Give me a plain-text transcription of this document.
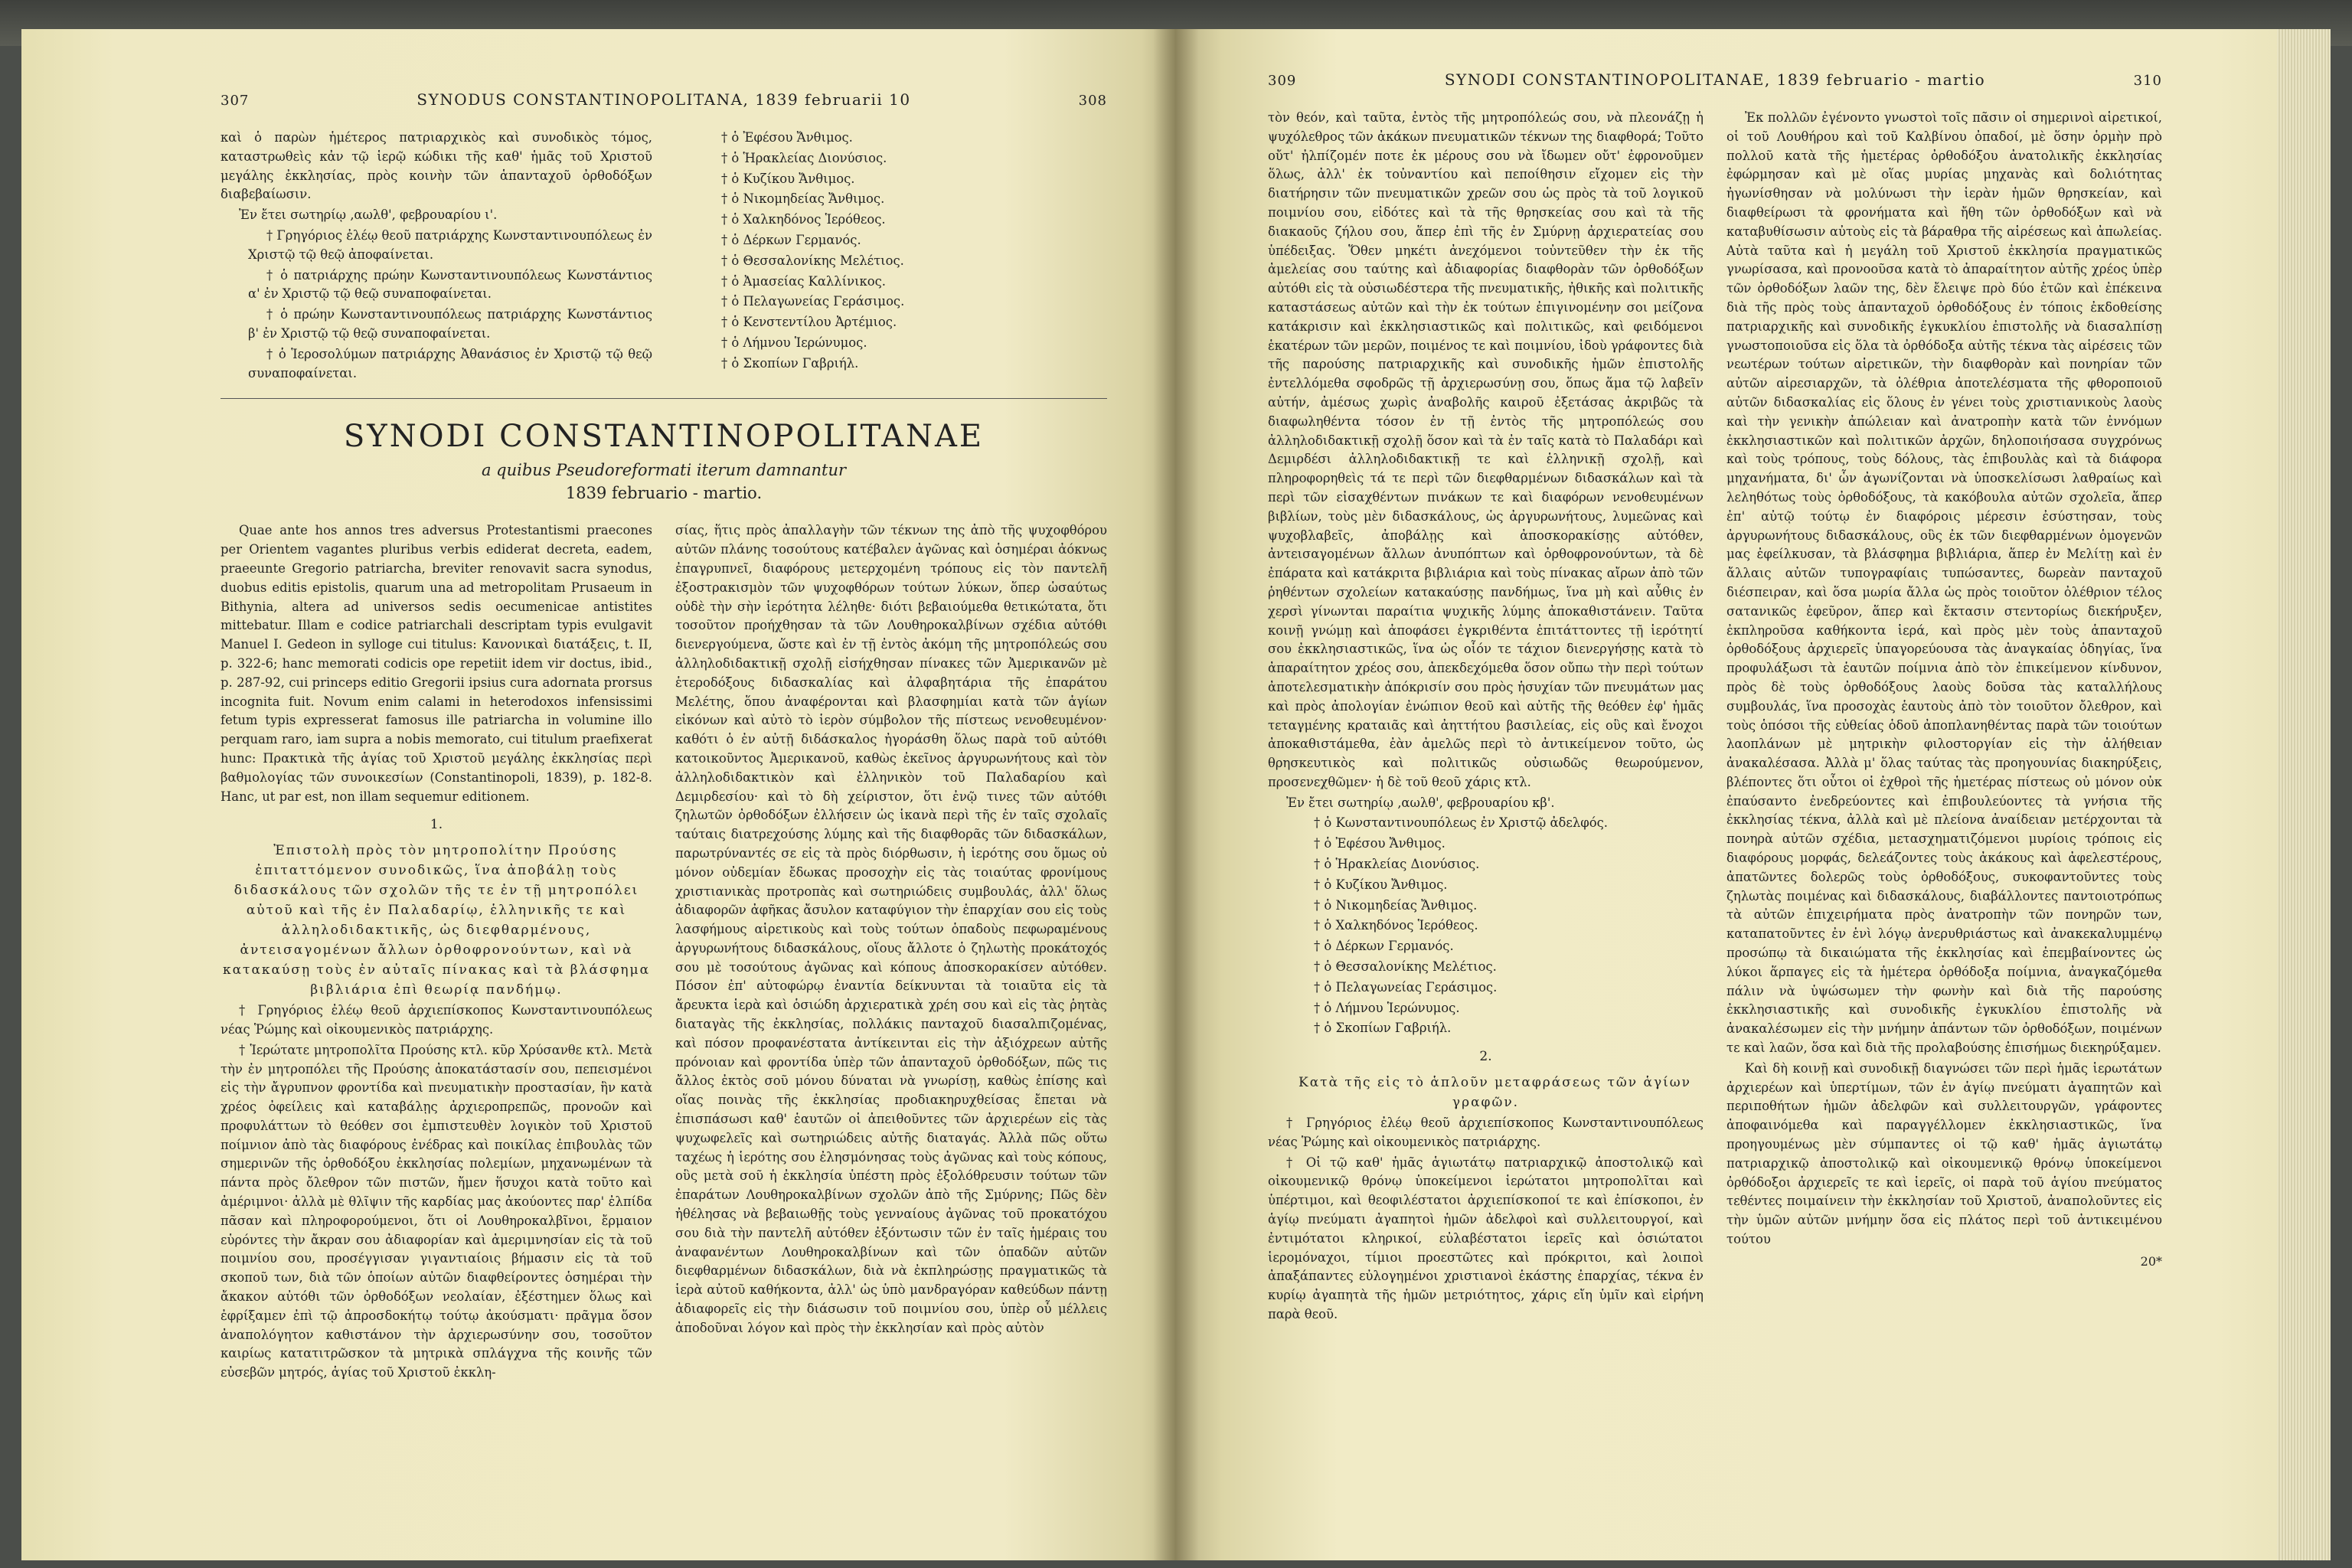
307	SYNODUS CONSTANTINOPOLITANA, 1839 februarii 10	308

καὶ ὁ παρὼν ἡμέτερος πατριαρχικὸς καὶ συνοδικὸς τόμος, καταστρωθεὶς κἀν τῷ ἱερῷ κώδικι τῆς καθ' ἡμᾶς τοῦ Χριστοῦ μεγάλης ἐκκλησίας, πρὸς κοινὴν τῶν ἁπανταχοῦ ὀρθοδόξων διαβεβαίωσιν.

Ἐν ἔτει σωτηρίῳ ‚αωλθ', φεβρουαρίου ι'.

† Γρηγόριος ἐλέῳ θεοῦ πατριάρχης Κωνσταντινουπόλεως ἐν Χριστῷ τῷ θεῷ ἀποφαίνεται.

† ὁ πατριάρχης πρώην Κωνσταντινουπόλεως Κωνστάντιος α' ἐν Χριστῷ τῷ θεῷ συναποφαίνεται.

† ὁ πρώην Κωνσταντινουπόλεως πατριάρχης Κωνστάντιος β' ἐν Χριστῷ τῷ θεῷ συναποφαίνεται.

† ὁ Ἱεροσολύμων πατριάρχης Ἀθανάσιος ἐν Χριστῷ τῷ θεῷ συναποφαίνεται.

† ὁ Ἐφέσου Ἄνθιμος.

† ὁ Ἡρακλείας Διονύσιος.

† ὁ Κυζίκου Ἄνθιμος.

† ὁ Νικομηδείας Ἄνθιμος.

† ὁ Χαλκηδόνος Ἱερόθεος.

† ὁ Δέρκων Γερμανός.

† ὁ Θεσσαλονίκης Μελέτιος.

† ὁ Ἀμασείας Καλλίνικος.

† ὁ Πελαγωνείας Γεράσιμος.

† ὁ Κενστεντίλου Ἀρτέμιος.

† ὁ Λήμνου Ἱερώνυμος.

† ὁ Σκοπίων Γαβριήλ.

SYNODI CONSTANTINOPOLITANAE

a quibus Pseudoreformati iterum damnantur

1839 februario - martio.

Quae ante hos annos tres adversus Protestantismi praecones per Orientem vagantes pluribus verbis ediderat decreta, eadem, praeeunte Gregorio patriarcha, breviter renovavit sacra synodus, duobus editis epistolis, quarum una ad metropolitam Prusaeum in Bithynia, altera ad universos sedis oecumenicae antistites mittebatur. Illam e codice patriarchali descriptam typis evulgavit Manuel I. Gedeon in sylloge cui titulus: Κανονικαὶ διατάξεις, t. II, p. 322-6; hanc memorati codicis ope repetiit idem vir doctus, ibid., p. 287-92, cui princeps editio Gregorii ipsius cura adornata prorsus incognita fuit. Novum enim calami in heterodoxos infensissimi fetum typis expresserat famosus ille patriarcha in volumine illo perquam raro, iam supra a nobis memorato, cui titulum praefixerat hunc: Πρακτικὰ τῆς ἁγίας τοῦ Χριστοῦ μεγάλης ἐκκλησίας περὶ βαθμολογίας τῶν συνοικεσίων (Constantinopoli, 1839), p. 182-8. Hanc, ut par est, non illam sequemur editionem.

1.

Ἐπιστολὴ πρὸς τὸν μητροπολίτην Προύσης ἐπιταττόμενον συνοδικῶς, ἵνα ἀποβάλῃ τοὺς διδασκάλους τῶν σχολῶν τῆς τε ἐν τῇ μητροπόλει αὐτοῦ καὶ τῆς ἐν Παλαδαρίῳ, ἑλληνικῆς τε καὶ ἀλληλοδιδακτικῆς, ὡς διεφθαρμένους, ἀντεισαγομένων ἄλλων ὀρθοφρονούντων, καὶ νὰ κατακαύσῃ τοὺς ἐν αὐταῖς πίνακας καὶ τὰ βλάσφημα βιβλιάρια ἐπὶ θεωρίᾳ πανδήμῳ.

† Γρηγόριος ἐλέῳ θεοῦ ἀρχιεπίσκοπος Κωνσταντινουπόλεως νέας Ῥώμης καὶ οἰκουμενικὸς πατριάρχης.

† Ἱερώτατε μητροπολῖτα Προύσης κτλ. κῦρ Χρύσανθε κτλ. Μετὰ τὴν ἐν μητροπόλει τῆς Προύσης ἀποκατάστασίν σου, πεπεισμένοι εἰς τὴν ἄγρυπνον φροντίδα καὶ πνευματικὴν προστασίαν, ἣν κατὰ χρέος ὀφείλεις καὶ καταβάλῃς ἀρχιεροπρεπῶς, προνοῶν καὶ προφυλάττων τὸ θεόθεν σοι ἐμπιστευθὲν λογικὸν τοῦ Χριστοῦ ποίμνιον ἀπὸ τὰς διαφόρους ἐνέδρας καὶ ποικίλας ἐπιβουλὰς τῶν σημερινῶν τῆς ὀρθοδόξου ἐκκλησίας πολεμίων, μηχανωμένων τὰ πάντα πρὸς ὄλεθρον τῶν πιστῶν, ἤμεν ἥσυχοι κατὰ τοῦτο καὶ ἀμέριμνοι· ἀλλὰ μὲ θλῖψιν τῆς καρδίας μας ἀκούοντες παρ' ἐλπίδα πᾶσαν καὶ πληροφορούμενοι, ὅτι οἱ Λουθηροκαλβῖνοι, ἔρμαιον εὑρόντες τὴν ἄκραν σου ἀδιαφορίαν καὶ ἀμεριμνησίαν εἰς τὰ τοῦ ποιμνίου σου, προσέγγισαν γιγαντιαίοις βήμασιν εἰς τὰ τοῦ σκοποῦ των, διὰ τῶν ὁποίων αὐτῶν διαφθείροντες ὁσημέραι τὴν ἄκακον αὐτόθι τῶν ὀρθοδόξων νεολαίαν, ἐξέστημεν ὅλως καὶ ἐφρίξαμεν ἐπὶ τῷ ἀπροσδοκήτῳ τούτῳ ἀκούσματι· πρᾶγμα ὅσον ἀναπολόγητον καθιστάνον τὴν ἀρχιερωσύνην σου, τοσοῦτον καιρίως κατατιτρῶσκον τὰ μητρικὰ σπλάγχνα τῆς κοινῆς τῶν εὐσεβῶν μητρός, ἁγίας τοῦ Χριστοῦ ἐκκλη-

σίας, ἥτις πρὸς ἀπαλλαγὴν τῶν τέκνων της ἀπὸ τῆς ψυχοφθόρου αὐτῶν πλάνης τοσούτους κατέβαλεν ἀγῶνας καὶ ὁσημέραι ἀόκνως ἐπαγρυπνεῖ, διαφόρους μετερχομένη τρόπους εἰς τὸν παντελῆ ἐξοστρακισμὸν τῶν ψυχοφθόρων τούτων λύκων, ὅπερ ὡσαύτως οὐδὲ τὴν σὴν ἱερότητα λέληθε· διότι βεβαιούμεθα θετικώτατα, ὅτι τοσοῦτον προήχθησαν τὰ τῶν Λουθηροκαλβίνων σχέδια αὐτόθι διενεργούμενα, ὥστε καὶ ἐν τῇ ἐντὸς ἀκόμη τῆς μητροπόλεώς σου ἀλληλοδιδακτικῇ σχολῇ εἰσήχθησαν πίνακες τῶν Ἀμερικανῶν μὲ ἑτεροδόξους διδασκαλίας καὶ ἀλφαβητάρια τῆς ἐπαράτου Μελέτης, ὅπου ἀναφέρονται καὶ βλασφημίαι κατὰ τῶν ἁγίων εἰκόνων καὶ αὐτὸ τὸ ἱερὸν σύμβολον τῆς πίστεως νενοθευμένον· καθότι ὁ ἐν αὐτῇ διδάσκαλος ἠγοράσθη ὅλως παρὰ τοῦ αὐτόθι κατοικοῦντος Ἀμερικανοῦ, καθὼς ἐκεῖνος ἀργυρωνήτους καὶ τὸν ἀλληλοδιδακτικὸν καὶ ἑλληνικὸν τοῦ Παλαδαρίου καὶ Δεμιρδεσίου· καὶ τὸ δὴ χείριστον, ὅτι ἐνῷ τινες τῶν αὐτόθι ζηλωτῶν ὀρθοδόξων ἐλλήσειν ὡς ἱκανὰ περὶ τῆς ἐν ταῖς σχολαῖς ταύταις διατρεχούσης λύμης καὶ τῆς διαφθορᾶς τῶν διδασκάλων, παρωτρύναντές σε εἰς τὰ πρὸς διόρθωσιν, ἡ ἱερότης σου ὅμως οὐ μόνον οὐδεμίαν ἔδωκας προσοχὴν εἰς τὰς τοιαύτας φρονίμους χριστιανικὰς προτροπὰς καὶ σωτηριώδεις συμβουλάς, ἀλλ' ὅλως ἀδιαφορῶν ἀφῆκας ἄσυλον καταφύγιον τὴν ἐπαρχίαν σου εἰς τοὺς λασφήμους αἱρετικοὺς καὶ τοὺς τούτων ὁπαδοὺς πεφωραμένους ἀργυρωνήτους διδασκάλους, οἵους ἄλλοτε ὁ ζηλωτὴς προκάτοχός σου μὲ τοσούτους ἀγῶνας καὶ κόπους ἀποσκορακίσεν αὐτόθεν. Πόσον ἐπ' αὐτοφώρῳ ἐναντία δείκνυνται τὰ τοιαῦτα εἰς τὰ ἄρευκτα ἱερὰ καὶ ὁσιώδη ἀρχιερατικὰ χρέη σου καὶ εἰς τὰς ῥητὰς διαταγὰς τῆς ἐκκλησίας, πολλάκις πανταχοῦ διασαλπιζομένας, καὶ πόσον προφανέστατα ἀντίκεινται εἰς τὴν ἀξιόχρεων αὐτῆς πρόνοιαν καὶ φροντίδα ὑπὲρ τῶν ἁπανταχοῦ ὀρθοδόξων, πῶς τις ἄλλος ἐκτὸς σοῦ μόνου δύναται νὰ γνωρίσῃ, καθὼς ἐπίσης καὶ οἵας ποινὰς τῆς ἐκκλησίας προδιακηρυχθείσας ἔπεται νὰ ἐπισπάσωσι καθ' ἑαυτῶν οἱ ἀπειθοῦντες τῶν ἀρχιερέων εἰς τὰς ψυχωφελεῖς καὶ σωτηριώδεις αὐτῆς διαταγάς. Ἀλλὰ πῶς οὕτω ταχέως ἡ ἱερότης σου ἐλησμόνησας τοὺς ἀγῶνας καὶ τοὺς κόπους, οὓς μετὰ σοῦ ἡ ἐκκλησία ὑπέστη πρὸς ἐξολόθρευσιν τούτων τῶν ἐπαράτων Λουθηροκαλβίνων σχολῶν ἀπὸ τῆς Σμύρνης; Πῶς δὲν ἠθέλησας νὰ βεβαιωθῇς τοὺς γενναίους ἀγῶνας τοῦ προκατόχου σου διὰ τὴν παντελῆ αὐτόθεν ἐξόντωσιν τῶν ἐν ταῖς ἡμέραις του ἀναφανέντων Λουθηροκαλβίνων καὶ τῶν ὁπαδῶν αὐτῶν διεφθαρμένων διδασκάλων, διὰ νὰ ἐκπληρώσῃς πραγματικῶς τὰ ἱερὰ αὐτοῦ καθήκοντα, ἀλλ' ὡς ὑπὸ μανδραγόραν καθεύδων πάντῃ ἀδιαφορεῖς εἰς τὴν διάσωσιν τοῦ ποιμνίου σου, ὑπὲρ οὗ μέλλεις ἀποδοῦναι λόγον καὶ πρὸς τὴν ἐκκλησίαν καὶ πρὸς αὐτὸν

309	SYNODI CONSTANTINOPOLITANAE, 1839 februario - martio	310

τὸν θεόν, καὶ ταῦτα, ἐντὸς τῆς μητροπόλεώς σου, νὰ πλεονάζῃ ἡ ψυχόλεθρος τῶν ἀκάκων πνευματικῶν τέκνων της διαφθορά; Τοῦτο οὔτ' ἠλπίζομέν ποτε ἐκ μέρους σου νὰ ἴδωμεν οὔτ' ἐφρονοῦμεν ὅλως, ἀλλ' ἐκ τοὐναντίου καὶ πεποίθησιν εἴχομεν εἰς τὴν διατήρησιν τῶν πνευματικῶν χρεῶν σου ὡς πρὸς τὰ τοῦ λογικοῦ ποιμνίου σου, εἰδότες καὶ τὰ τῆς θρησκείας σου καὶ τὰ τῆς διακαοῦς ζήλου σου, ἅπερ ἐπὶ τῆς ἐν Σμύρνῃ ἀρχιερατείας σου ὑπέδειξας. Ὅθεν μηκέτι ἀνεχόμενοι τοὐντεῦθεν τὴν ἐκ τῆς ἀμελείας σου ταύτης καὶ ἀδιαφορίας διαφθορὰν τῶν ὀρθοδόξων αὐτόθι εἰς τὰ οὐσιωδέστερα τῆς πνευματικῆς, ἠθικῆς καὶ πολιτικῆς καταστάσεως αὐτῶν καὶ τὴν ἐκ τούτων ἐπιγινομένην σοι μείζονα κατάκρισιν καὶ ἐκκλησιαστικῶς καὶ πολιτικῶς, καὶ φειδόμενοι ἑκατέρων τῶν μερῶν, ποιμένος τε καὶ ποιμνίου, ἰδοὺ γράφοντες διὰ τῆς παρούσης πατριαρχικῆς καὶ συνοδικῆς ἡμῶν ἐπιστολῆς ἐντελλόμεθα σφοδρῶς τῇ ἀρχιερωσύνῃ σου, ὅπως ἅμα τῷ λαβεῖν αὐτήν, ἀμέσως χωρὶς ἀναβολῆς καιροῦ ἐξετάσας ἀκριβῶς τὰ διαφωληθέντα τόσον ἐν τῇ ἐντὸς τῆς μητροπόλεώς σου ἀλληλοδιδακτικῇ σχολῇ ὅσον καὶ τὰ ἐν ταῖς κατὰ τὸ Παλαδάρι καὶ Δεμιρδέσι ἀλληλοδιδακτικῇ τε καὶ ἑλληνικῇ σχολῇ, καὶ πληροφορηθεὶς τά τε περὶ τῶν διεφθαρμένων διδασκάλων καὶ τὰ περὶ τῶν εἰσαχθέντων πινάκων τε καὶ διαφόρων νενοθευμένων βιβλίων, τοὺς μὲν διδασκάλους, ὡς ἀργυρωνήτους, λυμεῶνας καὶ ψυχοβλαβεῖς, ἀποβάλῃς καὶ ἀποσκορακίσῃς αὐτόθεν, ἀντεισαγομένων ἄλλων ἀνυπόπτων καὶ ὀρθοφρονούντων, τὰ δὲ ἐπάρατα καὶ κατάκριτα βιβλιάρια καὶ τοὺς πίνακας αἴρων ἀπὸ τῶν ῥηθέντων σχολείων κατακαύσῃς πανδήμως, ἵνα μὴ καὶ αὖθις ἐν χερσὶ γίνωνται παραίτια ψυχικῆς λύμης ἀποκαθιστάνειν. Ταῦτα κοινῇ γνώμῃ καὶ ἀποφάσει ἐγκριθέντα ἐπιτάττοντες τῇ ἱερότητί σου ἐκκλησιαστικῶς, ἵνα ὡς οἷόν τε τάχιον διενεργήσῃς κατὰ τὸ ἀπαραίτητον χρέος σου, ἀπεκδεχόμεθα ὅσον οὔπω τὴν περὶ τούτων ἀποτελεσματικὴν ἀπόκρισίν σου πρὸς ἡσυχίαν τῶν πνευμάτων μας καὶ πρὸς ἀπολογίαν ἐνώπιον θεοῦ καὶ αὐτῆς τῆς θεόθεν ἐφ' ἡμᾶς τεταγμένης κραταιᾶς καὶ ἀηττήτου βασιλείας, εἰς οὓς καὶ ἔνοχοι ἀποκαθιστάμεθα, ἐὰν ἀμελῶς περὶ τὸ ἀντικείμενον τοῦτο, ὡς θρησκευτικὸς καὶ πολιτικῶς οὐσιωδῶς θεωρούμενον, προσενεχθῶμεν· ἡ δὲ τοῦ θεοῦ χάρις κτλ.

Ἐν ἔτει σωτηρίῳ ‚αωλθ', φεβρουαρίου κβ'.

† ὁ Κωνσταντινουπόλεως ἐν Χριστῷ ἀδελφός.

† ὁ Ἐφέσου Ἄνθιμος.

† ὁ Ἡρακλείας Διονύσιος.

† ὁ Κυζίκου Ἄνθιμος.

† ὁ Νικομηδείας Ἄνθιμος.

† ὁ Χαλκηδόνος Ἱερόθεος.

† ὁ Δέρκων Γερμανός.

† ὁ Θεσσαλονίκης Μελέτιος.

† ὁ Πελαγωνείας Γεράσιμος.

† ὁ Λήμνου Ἱερώνυμος.

† ὁ Σκοπίων Γαβριήλ.

2.

Κατὰ τῆς εἰς τὸ ἁπλοῦν μεταφράσεως τῶν ἁγίων γραφῶν.

† Γρηγόριος ἐλέῳ θεοῦ ἀρχιεπίσκοπος Κωνσταντινουπόλεως νέας Ῥώμης καὶ οἰκουμενικὸς πατριάρχης.

† Οἱ τῷ καθ' ἡμᾶς ἁγιωτάτῳ πατριαρχικῷ ἀποστολικῷ καὶ οἰκουμενικῷ θρόνῳ ὑποκείμενοι ἱερώτατοι μητροπολῖται καὶ ὑπέρτιμοι, καὶ θεοφιλέστατοι ἀρχιεπίσκοποί τε καὶ ἐπίσκοποι, ἐν ἁγίῳ πνεύματι ἀγαπητοὶ ἡμῶν ἀδελφοὶ καὶ συλλειτουργοί, καὶ ἐντιμότατοι κληρικοί, εὐλαβέστατοι ἱερεῖς καὶ ὁσιώτατοι ἱερομόναχοι, τίμιοι προεστῶτες καὶ πρόκριτοι, καὶ λοιποὶ ἀπαξάπαντες εὐλογημένοι χριστιανοὶ ἑκάστης ἐπαρχίας, τέκνα ἐν κυρίῳ ἀγαπητὰ τῆς ἡμῶν μετριότητος, χάρις εἴη ὑμῖν καὶ εἰρήνη παρὰ θεοῦ.

Ἐκ πολλῶν ἐγένοντο γνωστοὶ τοῖς πᾶσιν οἱ σημερινοὶ αἱρετικοί, οἱ τοῦ Λουθήρου καὶ τοῦ Καλβίνου ὀπαδοί, μὲ ὅσην ὁρμὴν πρὸ πολλοῦ κατὰ τῆς ἡμετέρας ὀρθοδόξου ἀνατολικῆς ἐκκλησίας ἐφώρμησαν καὶ μὲ οἵας μυρίας μηχανὰς καὶ δολιότητας ἠγωνίσθησαν νὰ μολύνωσι τὴν ἱερὰν ἡμῶν θρησκείαν, καὶ διαφθείρωσι τὰ φρονήματα καὶ ἤθη τῶν ὀρθοδόξων καὶ νὰ καταβυθίσωσιν αὐτοὺς εἰς τὰ βάραθρα τῆς αἱρέσεως καὶ ἀπωλείας. Αὐτὰ ταῦτα καὶ ἡ μεγάλη τοῦ Χριστοῦ ἐκκλησία πραγματικῶς γνωρίσασα, καὶ προνοοῦσα κατὰ τὸ ἀπαραίτητον αὐτῆς χρέος ὑπὲρ τῶν ὀρθοδόξων λαῶν της, δὲν ἔλειψε πρὸ δύο ἐτῶν καὶ ἐπέκεινα διὰ τῆς πρὸς τοὺς ἁπανταχοῦ ὀρθοδόξους ἐν τόποις ἐκδοθείσης πατριαρχικῆς καὶ συνοδικῆς ἐγκυκλίου ἐπιστολῆς νὰ διασαλπίσῃ γνωστοποιοῦσα εἰς ὅλα τὰ ὀρθόδοξα αὐτῆς τέκνα τὰς αἱρέσεις τῶν νεωτέρων τούτων αἱρετικῶν, τὴν διαφθορὰν καὶ πονηρίαν τῶν αὐτῶν αἱρεσιαρχῶν, τὰ ὀλέθρια ἀποτελέσματα τῆς φθοροποιοῦ αὐτῶν διδασκαλίας εἰς ὅλους ἐν γένει τοὺς χριστιανικοὺς λαοὺς καὶ τὴν γενικὴν ἀπώλειαν καὶ ἀνατροπὴν κατὰ τῶν ἐννόμων ἐκκλησιαστικῶν καὶ πολιτικῶν ἀρχῶν, δηλοποιήσασα συγχρόνως καὶ τοὺς τρόπους, τοὺς δόλους, τὰς ἐπιβουλὰς καὶ τὰ διάφορα μηχανήματα, δι' ὧν ἀγωνίζονται νὰ ὑποσκελίσωσι λαθραίως καὶ λεληθότως τοὺς ὀρθοδόξους, τὰ κακόβουλα αὐτῶν σχολεῖα, ἅπερ ἐπ' αὐτῷ τούτῳ ἐν διαφόροις μέρεσιν ἐσύστησαν, τοὺς ἀργυρωνήτους διδασκάλους, οὓς ἐκ τῶν διεφθαρμένων ὁμογενῶν μας ἐφείλκυσαν, τὰ βλάσφημα βιβλιάρια, ἅπερ ἐν Μελίτῃ καὶ ἐν ἄλλαις αὐτῶν τυπογραφίαις τυπώσαντες, δωρεὰν πανταχοῦ διέσπειραν, καὶ ὅσα μωρία ἄλλα ὡς πρὸς τοιοῦτον ὀλέθριον τέλος σατανικῶς ἐφεῦρον, ἅπερ καὶ ἔκτασιν στεντορίως διεκήρυξεν, ἐκπληροῦσα καθήκοντα ἱερά, καὶ πρὸς μὲν τοὺς ἁπανταχοῦ ὀρθοδόξους ἀρχιερεῖς ὑπαγορεύουσα τὰς ἀναγκαίας ὁδηγίας, ἵνα προφυλάξωσι τὰ ἑαυτῶν ποίμνια ἀπὸ τὸν ἐπικείμενον κίνδυνον, πρὸς δὲ τοὺς ὀρθοδόξους λαοὺς δοῦσα τὰς καταλλήλους συμβουλάς, ἵνα προσοχὰς ἑαυτοὺς ἀπὸ τὸν τοιοῦτον ὄλεθρον, καὶ τοὺς ὁπόσοι τῆς εὐθείας ὁδοῦ ἀποπλανηθέντας παρὰ τῶν τοιούτων λαοπλάνων μὲ μητρικὴν φιλοστοργίαν εἰς τὴν ἀλήθειαν ἀνακαλέσασα. Ἀλλὰ μ' ὅλας ταύτας τὰς προηγουνίας διακηρύξεις, βλέποντες ὅτι οὗτοι οἱ ἐχθροὶ τῆς ἡμετέρας πίστεως οὐ μόνον οὐκ ἐπαύσαντο ἐνεδρεύοντες καὶ ἐπιβουλεύοντες τὰ γνήσια τῆς ἐκκλησίας τέκνα, ἀλλὰ καὶ μὲ πλείονα ἀναίδειαν μετέρχονται τὰ πονηρὰ αὐτῶν σχέδια, μετασχηματιζόμενοι μυρίοις τρόποις εἰς διαφόρους μορφάς, δελεάζοντες τοὺς ἀκάκους καὶ ἀφελεστέρους, ἀπατῶντες δολερῶς τοὺς ὀρθοδόξους, συκοφαντοῦντες τοὺς ζηλωτὰς ποιμένας καὶ διδασκάλους, διαβάλλοντες παντοιοτρόπως τὰ αὐτῶν ἐπιχειρήματα πρὸς ἀνατροπὴν τῶν πονηρῶν των, καταπατοῦντες ἐν ἑνὶ λόγῳ ἀνερυθριάστως καὶ ἀνακεκαλυμμένῳ προσώπῳ τὰ δικαιώματα τῆς ἐκκλησίας καὶ ἐπεμβαίνοντες ὡς λύκοι ἅρπαγες εἰς τὰ ἡμέτερα ὀρθόδοξα ποίμνια, ἀναγκαζόμεθα πάλιν νὰ ὑψώσωμεν τὴν φωνὴν καὶ διὰ τῆς παρούσης ἐκκλησιαστικῆς καὶ συνοδικῆς ἐγκυκλίου ἐπιστολῆς νὰ ἀνακαλέσωμεν εἰς τὴν μνήμην ἁπάντων τῶν ὀρθοδόξων, ποιμένων τε καὶ λαῶν, ὅσα καὶ διὰ τῆς προλαβούσης ἐπισήμως διεκηρύξαμεν.

Καὶ δὴ κοινῇ καὶ συνοδικῇ διαγνώσει τῶν περὶ ἡμᾶς ἱερωτάτων ἀρχιερέων καὶ ὑπερτίμων, τῶν ἐν ἁγίῳ πνεύματι ἀγαπητῶν καὶ περιποθήτων ἡμῶν ἀδελφῶν καὶ συλλειτουργῶν, γράφοντες ἀποφαινόμεθα καὶ παραγγέλλομεν ἐκκλησιαστικῶς, ἵνα προηγουμένως μὲν σύμπαντες οἱ τῷ καθ' ἡμᾶς ἁγιωτάτῳ πατριαρχικῷ ἀποστολικῷ καὶ οἰκουμενικῷ θρόνῳ ὑποκείμενοι ὀρθόδοξοι ἀρχιερεῖς τε καὶ ἱερεῖς, οἱ παρὰ τοῦ ἁγίου πνεύματος τεθέντες ποιμαίνειν τὴν ἐκκλησίαν τοῦ Χριστοῦ, ἀναπολοῦντες εἰς τὴν ὑμῶν αὐτῶν μνήμην ὅσα εἰς πλάτος περὶ τοῦ ἀντικειμένου τούτου

20*
